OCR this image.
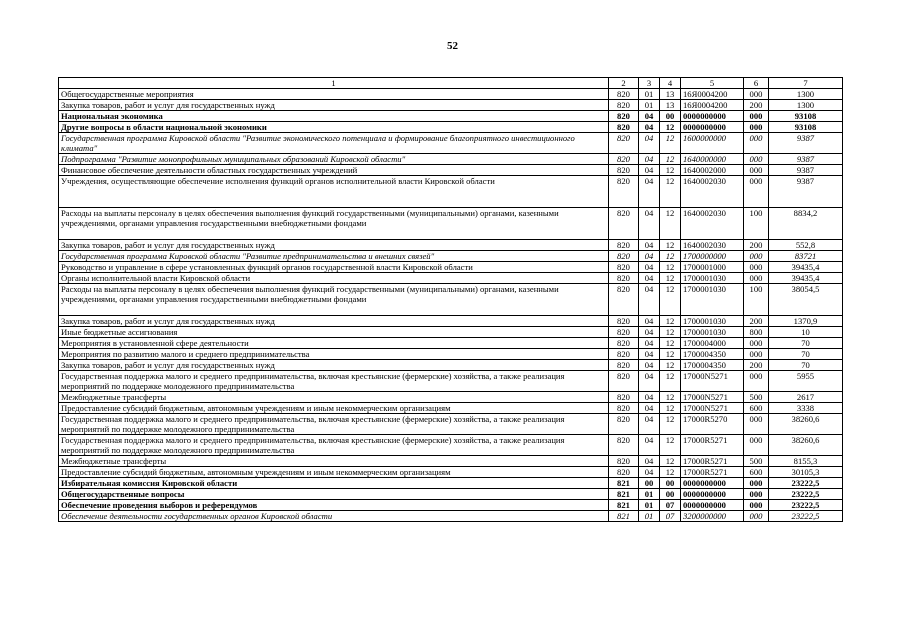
52
1	2	3	4	5	6	7
Общегосударственные мероприятия	820	01	13	16Я0004200	000	1300
Закупка товаров, работ и услуг для государственных нужд	820	01	13	16Я0004200	200	1300
Национальная экономика	820	04	00	0000000000	000	93108
Другие вопросы в области национальной экономики	820	04	12	0000000000	000	93108
Государственная программа Кировской области "Развитие экономического потенциала и формирование благоприятного инвестиционного климата"	820	04	12	1600000000	000	9387
Подпрограмма "Развитие монопрофильных муниципальных образований Кировской области"	820	04	12	1640000000	000	9387
Финансовое обеспечение деятельности областных государственных учреждений	820	04	12	1640002000	000	9387
Учреждения, осуществляющие обеспечение исполнения функций органов исполнительной власти Кировской области	820	04	12	1640002030	000	9387
Расходы на выплаты персоналу в целях обеспечения выполнения функций государственными (муниципальными) органами, казенными учреждениями, органами управления государственными внебюджетными фондами	820	04	12	1640002030	100	8834,2
Закупка товаров, работ и услуг для государственных нужд	820	04	12	1640002030	200	552,8
Государственная программа Кировской области "Развитие предпринимательства и внешних связей"	820	04	12	1700000000	000	83721
Руководство и управление в сфере установленных функций органов государственной власти Кировской области	820	04	12	1700001000	000	39435,4
Органы исполнительной власти Кировской области	820	04	12	1700001030	000	39435,4
Расходы на выплаты персоналу в целях обеспечения выполнения функций государственными (муниципальными) органами, казенными учреждениями, органами управления государственными внебюджетными фондами	820	04	12	1700001030	100	38054,5
Закупка товаров, работ и услуг для государственных нужд	820	04	12	1700001030	200	1370,9
Иные бюджетные ассигнования	820	04	12	1700001030	800	10
Мероприятия в установленной сфере деятельности	820	04	12	1700004000	000	70
Мероприятия по развитию малого и среднего предпринимательства	820	04	12	1700004350	000	70
Закупка товаров, работ и услуг для государственных нужд	820	04	12	1700004350	200	70
Государственная поддержка малого и среднего предпринимательства, включая крестьянские (фермерские) хозяйства, а также реализация мероприятий по поддержке молодежного предпринимательства	820	04	12	17000N5271	000	5955
Межбюджетные трансферты	820	04	12	17000N5271	500	2617
Предоставление субсидий бюджетным, автономным учреждениям и иным некоммерческим организациям	820	04	12	17000N5271	600	3338
Государственная поддержка малого и среднего предпринимательства, включая крестьянские (фермерские) хозяйства, а также реализация мероприятий по поддержке молодежного предпринимательства	820	04	12	17000R5270	000	38260,6
Государственная поддержка малого и среднего предпринимательства, включая крестьянские (фермерские) хозяйства, а также реализация мероприятий по поддержке молодежного предпринимательства	820	04	12	17000R5271	000	38260,6
Межбюджетные трансферты	820	04	12	17000R5271	500	8155,3
Предоставление субсидий бюджетным, автономным учреждениям и иным некоммерческим организациям	820	04	12	17000R5271	600	30105,3
Избирательная комиссия Кировской области	821	00	00	0000000000	000	23222,5
Общегосударственные вопросы	821	01	00	0000000000	000	23222,5
Обеспечение проведения выборов и референдумов	821	01	07	0000000000	000	23222,5
Обеспечение деятельности государственных органов Кировской области	821	01	07	3200000000	000	23222,5
